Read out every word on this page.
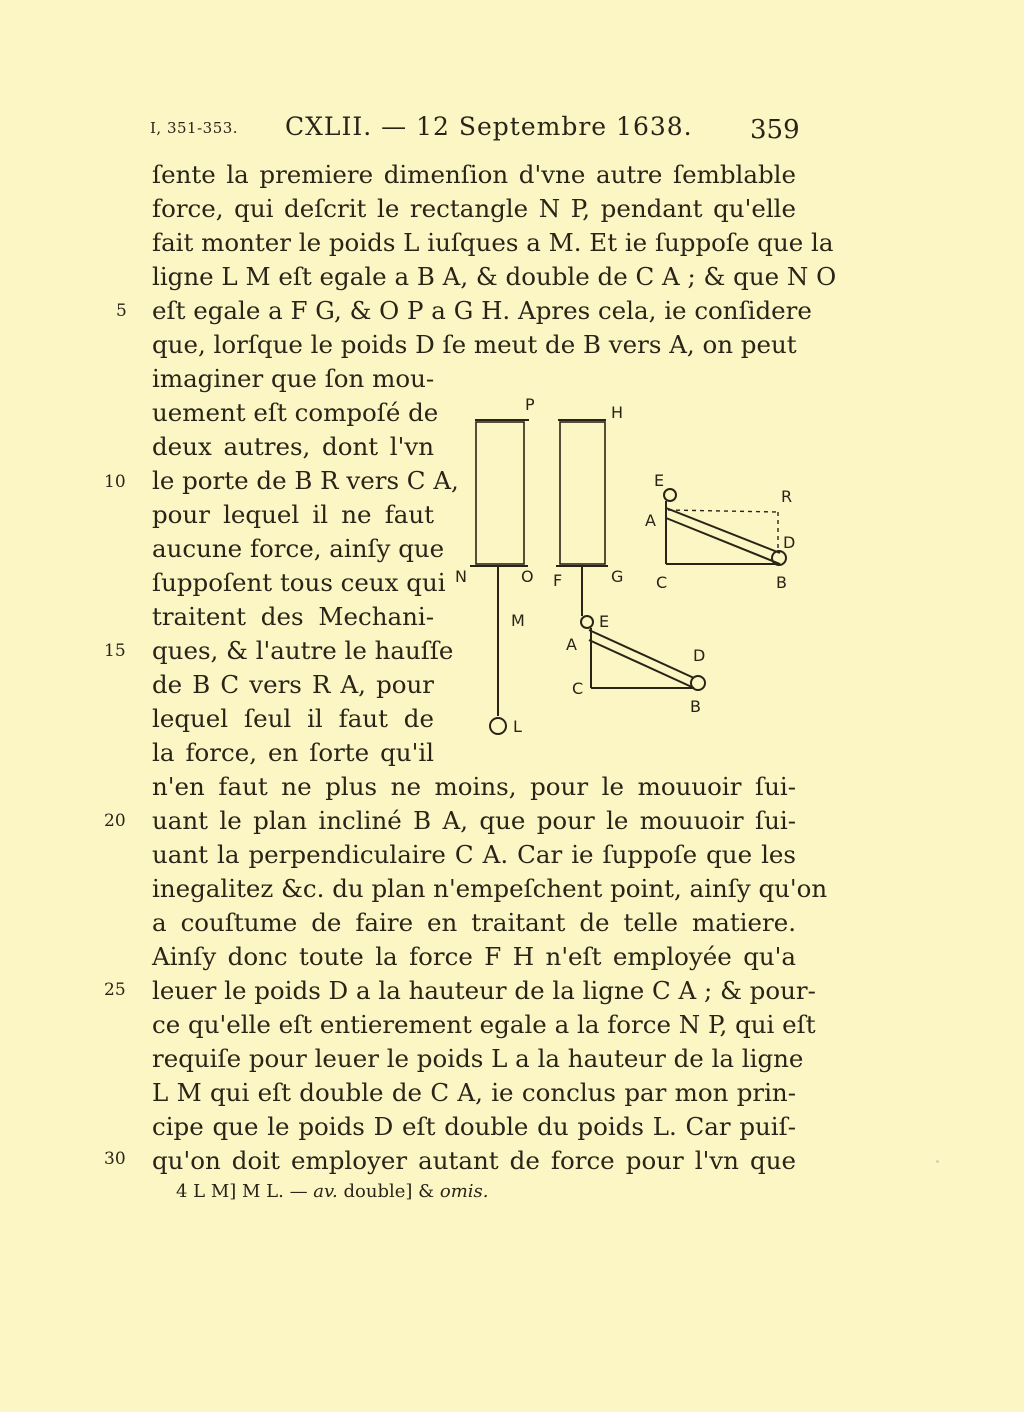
I, 351-353. CXLII. — 12 Septembre 1638. 359
ſente la premiere dimenſion d'vne autre ſemblable
force, qui deſcrit le rectangle N P, pendant qu'elle
fait monter le poids L iuſques a M. Et ie ſuppoſe que la
ligne L M eſt egale a B A, & double de C A ; & que N O
eſt egale a F G, & O P a G H. Apres cela, ie conſidere
que, lorſque le poids D ſe meut de B vers A, on peut
imaginer que ſon mou-
uement eſt compoſé de
deux autres, dont l'vn
le porte de B R vers C A,
pour lequel il ne faut
aucune force, ainſy que
ſuppoſent tous ceux qui
traitent des Mechani-
ques, & l'autre le hauſſe
de B C vers R A, pour
lequel ſeul il faut de
la force, en ſorte qu'il
n'en faut ne plus ne moins, pour le mouuoir ſui-
uant le plan incliné B A, que pour le mouuoir ſui-
uant la perpendiculaire C A. Car ie ſuppoſe que les
inegalitez &c. du plan n'empeſchent point, ainſy qu'on
a couſtume de faire en traitant de telle matiere.
Ainſy donc toute la force F H n'eſt employée qu'a
leuer le poids D a la hauteur de la ligne C A ; & pour-
ce qu'elle eſt entierement egale a la force N P, qui eſt
requiſe pour leuer le poids L a la hauteur de la ligne
L M qui eſt double de C A, ie conclus par mon prin-
cipe que le poids D eſt double du poids L. Car puiſ-
qu'on doit employer autant de force pour l'vn que
5
10
15
20
25
30
P	H
N	O F	G
M
L
E
R
A
D
C	B
E
A
D
C
B
4 L M] M L. — av. double] & omis.
